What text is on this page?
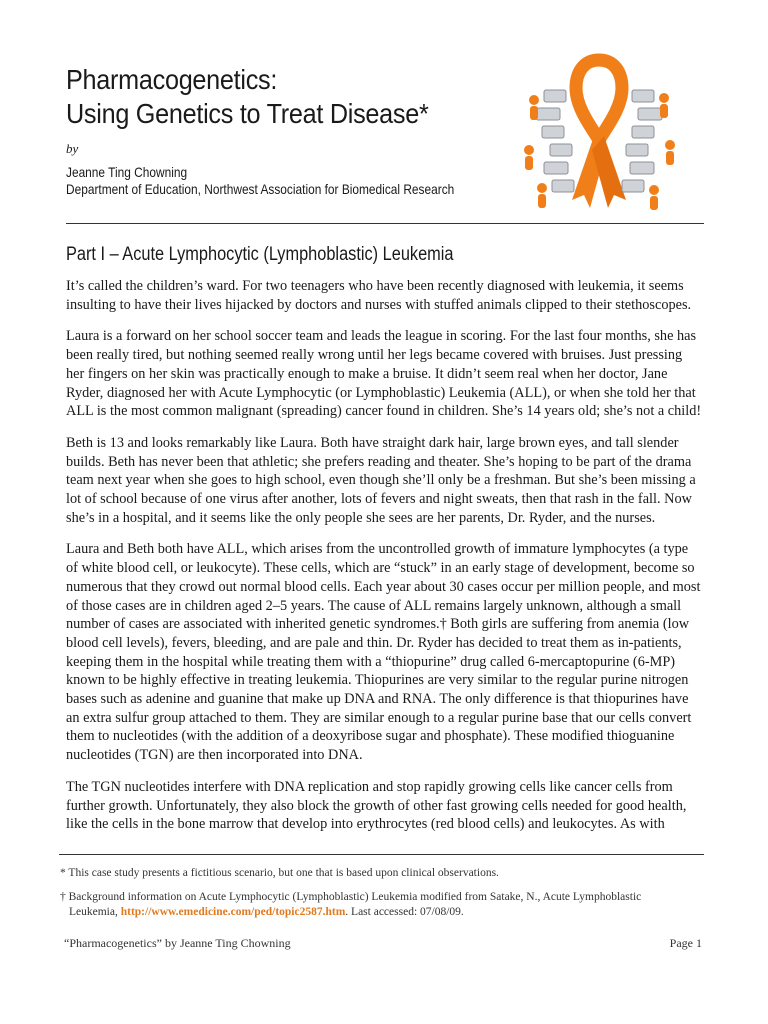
Pharmacogenetics:
Using Genetics to Treat Disease*
by
Jeanne Ting Chowning
Department of Education, Northwest Association for Biomedical Research
Part I – Acute Lymphocytic (Lymphoblastic) Leukemia

It’s called the children’s ward. For two teenagers who have been recently diagnosed with leukemia, it seems insulting to have their lives hijacked by doctors and nurses with stuffed animals clipped to their stethoscopes.

Laura is a forward on her school soccer team and leads the league in scoring. For the last four months, she has been really tired, but nothing seemed really wrong until her legs became covered with bruises. Just pressing her fingers on her skin was practically enough to make a bruise. It didn’t seem real when her doctor, Jane Ryder, diagnosed her with Acute Lymphocytic (or Lymphoblastic) Leukemia (ALL), or when she told her that ALL is the most common malignant (spreading) cancer found in children. She’s 14 years old; she’s not a child!

Beth is 13 and looks remarkably like Laura. Both have straight dark hair, large brown eyes, and tall slender builds. Beth has never been that athletic; she prefers reading and theater. She’s hoping to be part of the drama team next year when she goes to high school, even though she’ll only be a freshman. But she’s been missing a lot of school because of one virus after another, lots of fevers and night sweats, then that rash in the fall. Now she’s in a hospital, and it seems like the only people she sees are her parents, Dr. Ryder, and the nurses.

Laura and Beth both have ALL, which arises from the uncontrolled growth of immature lymphocytes (a type of white blood cell, or leukocyte). These cells, which are “stuck” in an early stage of development, become so numerous that they crowd out normal blood cells. Each year about 30 cases occur per million people, and most of those cases are in children aged 2–5 years. The cause of ALL remains largely unknown, although a small number of cases are associated with inherited genetic syndromes.† Both girls are suffering from anemia (low blood cell levels), fevers, bleeding, and are pale and thin. Dr. Ryder has decided to treat them as in-patients, keeping them in the hospital while treating them with a “thiopurine” drug called 6-mercaptopurine (6-MP) known to be highly effective in treating leukemia. Thiopurines are very similar to the regular purine nitrogen bases such as adenine and guanine that make up DNA and RNA. The only difference is that thiopurines have an extra sulfur group attached to them. They are similar enough to a regular purine base that our cells convert them to nucleotides (with the addition of a deoxyribose sugar and phosphate). These modified thioguanine nucleotides (TGN) are then incorporated into DNA.

The TGN nucleotides interfere with DNA replication and stop rapidly growing cells like cancer cells from further growth. Unfortunately, they also block the growth of other fast growing cells needed for good health, like the cells in the bone marrow that develop into erythrocytes (red blood cells) and leukocytes. As with

* This case study presents a fictitious scenario, but one that is based upon clinical observations.
† Background information on Acute Lymphocytic (Lymphoblastic) Leukemia modified from Satake, N., Acute Lymphoblastic
Leukemia, http://www.emedicine.com/ped/topic2587.htm. Last accessed: 07/08/09.
“Pharmacogenetics” by Jeanne Ting Chowning	Page 1
